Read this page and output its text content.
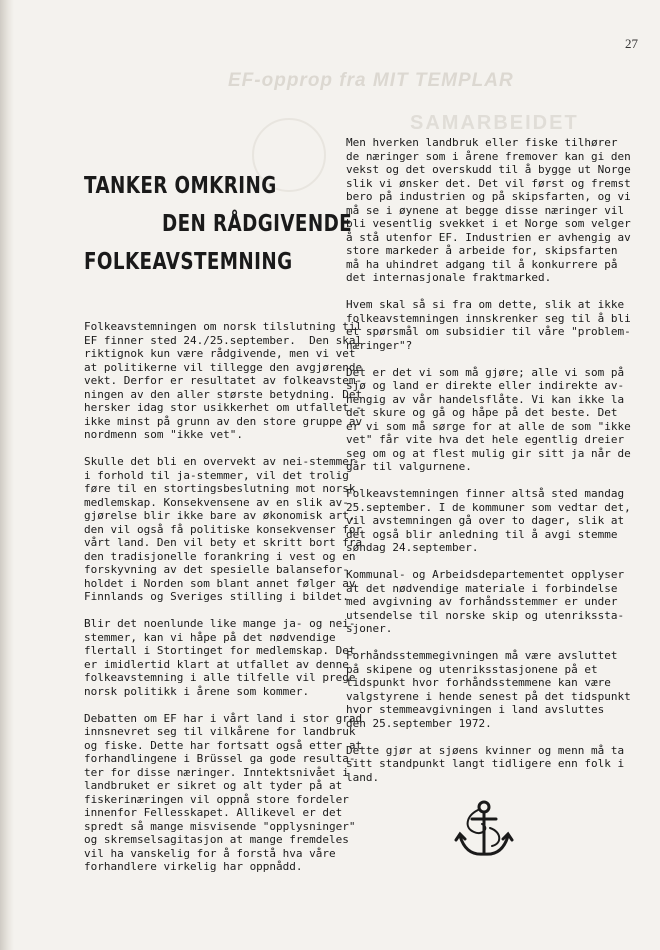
27
EF-opprop fra MIT TEMPLAR
SAMARBEIDET
TANKER OMKRING
DEN RÅDGIVENDE
FOLKEAVSTEMNING

Folkeavstemningen om norsk tilslutning til
EF finner sted 24./25.september.  Den skal
riktignok kun være rådgivende, men vi vet
at politikerne vil tillegge den avgjørende
vekt. Derfor er resultatet av folkeavstem-
ningen av den aller største betydning. Det
hersker idag stor usikkerhet om utfallet -
ikke minst på grunn av den store gruppe av
nordmenn som "ikke vet".

Skulle det bli en overvekt av nei-stemmer
i forhold til ja-stemmer, vil det trolig
føre til en stortingsbeslutning mot norsk
medlemskap. Konsekvensene av en slik av-
gjørelse blir ikke bare av økonomisk art,
den vil også få politiske konsekvenser for
vårt land. Den vil bety et skritt bort fra
den tradisjonelle forankring i vest og en
forskyvning av det spesielle balansefor-
holdet i Norden som blant annet følger av
Finnlands og Sveriges stilling i bildet.

Blir det noenlunde like mange ja- og nei-
stemmer, kan vi håpe på det nødvendige
flertall i Stortinget for medlemskap. Det
er imidlertid klart at utfallet av denne
folkeavstemning i alle tilfelle vil prege
norsk politikk i årene som kommer.

Debatten om EF har i vårt land i stor grad
innsnevret seg til vilkårene for landbruk
og fiske. Dette har fortsatt også etter at
forhandlingene i Brüssel ga gode resulta-
ter for disse næringer. Inntektsnivået i
landbruket er sikret og alt tyder på at
fiskerinæringen vil oppnå store fordeler
innenfor Fellesskapet. Allikevel er det
spredt så mange misvisende "opplysninger"
og skremselsagitasjon at mange fremdeles
vil ha vanskelig for å forstå hva våre
forhandlere virkelig har oppnådd.

Men hverken landbruk eller fiske tilhører
de næringer som i årene fremover kan gi den
vekst og det overskudd til å bygge ut Norge
slik vi ønsker det. Det vil først og fremst
bero på industrien og på skipsfarten, og vi
må se i øynene at begge disse næringer vil
bli vesentlig svekket i et Norge som velger
å stå utenfor EF. Industrien er avhengig av
store markeder å arbeide for, skipsfarten
må ha uhindret adgang til å konkurrere på
det internasjonale fraktmarked.

Hvem skal så si fra om dette, slik at ikke
folkeavstemningen innskrenker seg til å bli
et spørsmål om subsidier til våre "problem-
næringer"?

Det er det vi som må gjøre; alle vi som på
sjø og land er direkte eller indirekte av-
hengig av vår handelsflåte. Vi kan ikke la
det skure og gå og håpe på det beste. Det
er vi som må sørge for at alle de som "ikke
vet" får vite hva det hele egentlig dreier
seg om og at flest mulig gir sitt ja når de
går til valgurnene.

Folkeavstemningen finner altså sted mandag
25.september. I de kommuner som vedtar det,
vil avstemningen gå over to dager, slik at
det også blir anledning til å avgi stemme
søndag 24.september.

Kommunal- og Arbeidsdepartementet opplyser
at det nødvendige materiale i forbindelse
med avgivning av forhåndsstemmer er under
utsendelse til norske skip og utenrikssta-
sjoner.

Forhåndsstemmegivningen må være avsluttet
på skipene og utenriksstasjonene på et
tidspunkt hvor forhåndsstemmene kan være
valgstyrene i hende senest på det tidspunkt
hvor stemmeavgivningen i land avsluttes
den 25.september 1972.

Dette gjør at sjøens kvinner og menn må ta
sitt standpunkt langt tidligere enn folk i
land.
